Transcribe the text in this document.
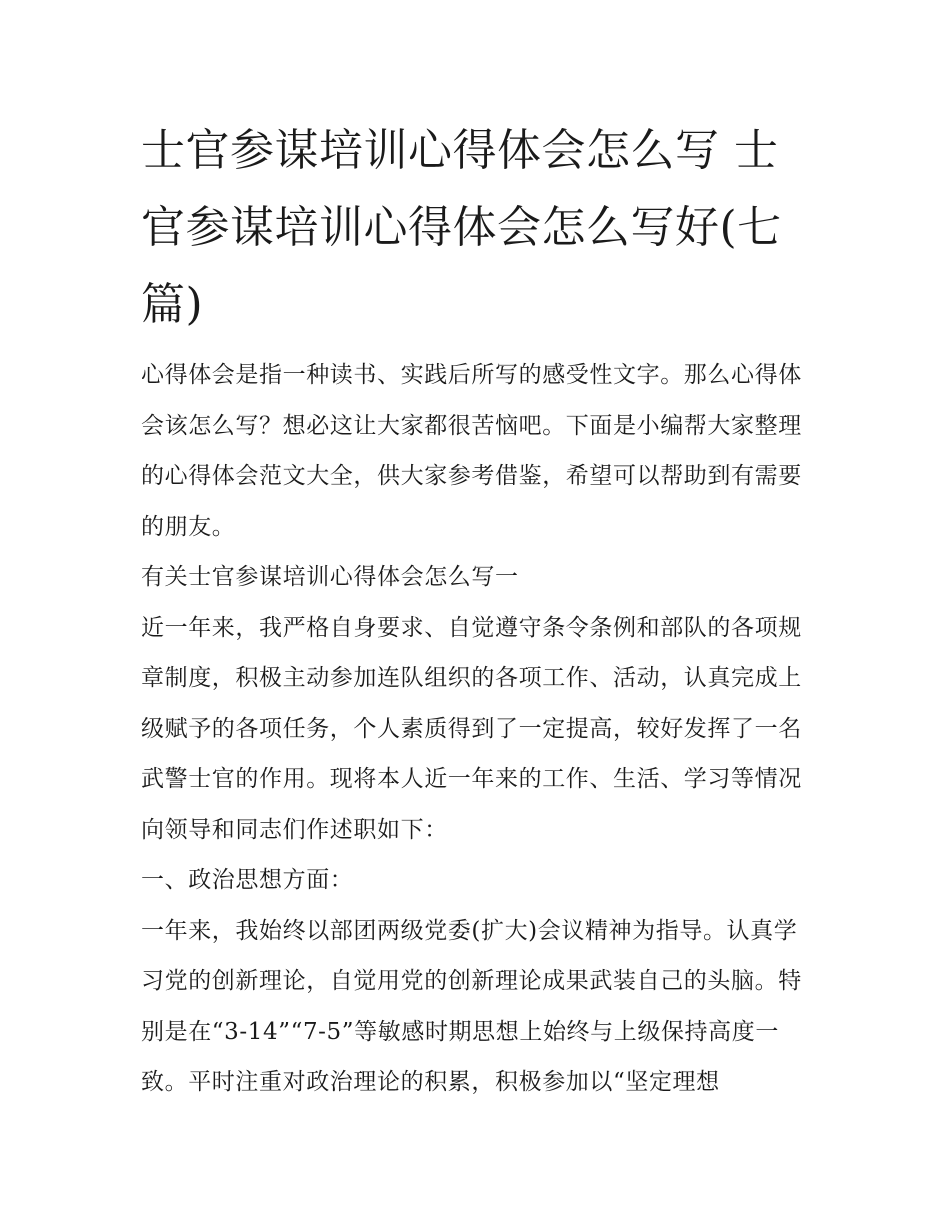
士官参谋培训心得体会怎么写 士官参谋培训心得体会怎么写好(七篇)

心得体会是指一种读书、实践后所写的感受性文字。那么心得体会该怎么写？想必这让大家都很苦恼吧。下面是小编帮大家整理的心得体会范文大全，供大家参考借鉴，希望可以帮助到有需要的朋友。

有关士官参谋培训心得体会怎么写一

近一年来，我严格自身要求、自觉遵守条令条例和部队的各项规章制度，积极主动参加连队组织的各项工作、活动，认真完成上级赋予的各项任务，个人素质得到了一定提高，较好发挥了一名武警士官的作用。现将本人近一年来的工作、生活、学习等情况向领导和同志们作述职如下：

一、政治思想方面：

一年来，我始终以部团两级党委(扩大)会议精神为指导。认真学习党的创新理论，自觉用党的创新理论成果武装自己的头脑。特别是在“3-14”“7-5”等敏感时期思想上始终与上级保持高度一致。平时注重对政治理论的积累，积极参加以“坚定理想
